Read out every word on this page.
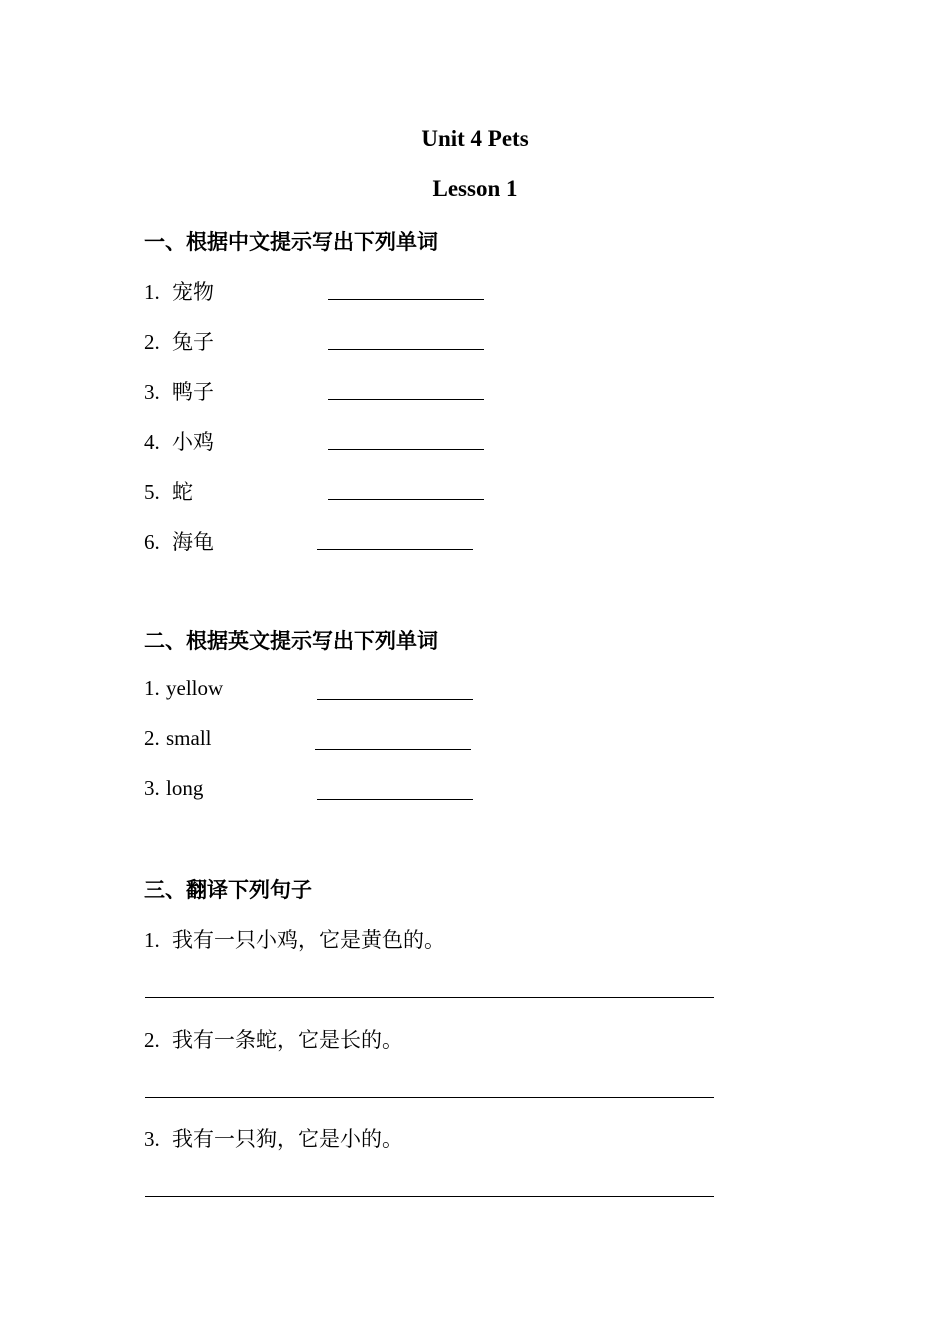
Unit 4 Pets
Lesson 1
一、根据中文提示写出下列单词
1. 宠物
2. 兔子
3. 鸭子
4. 小鸡
5. 蛇
6. 海龟
二、根据英文提示写出下列单词
1. yellow
2. small
3. long
三、翻译下列句子
1. 我有一只小鸡，它是黄色的。
2. 我有一条蛇，它是长的。
3. 我有一只狗，它是小的。
